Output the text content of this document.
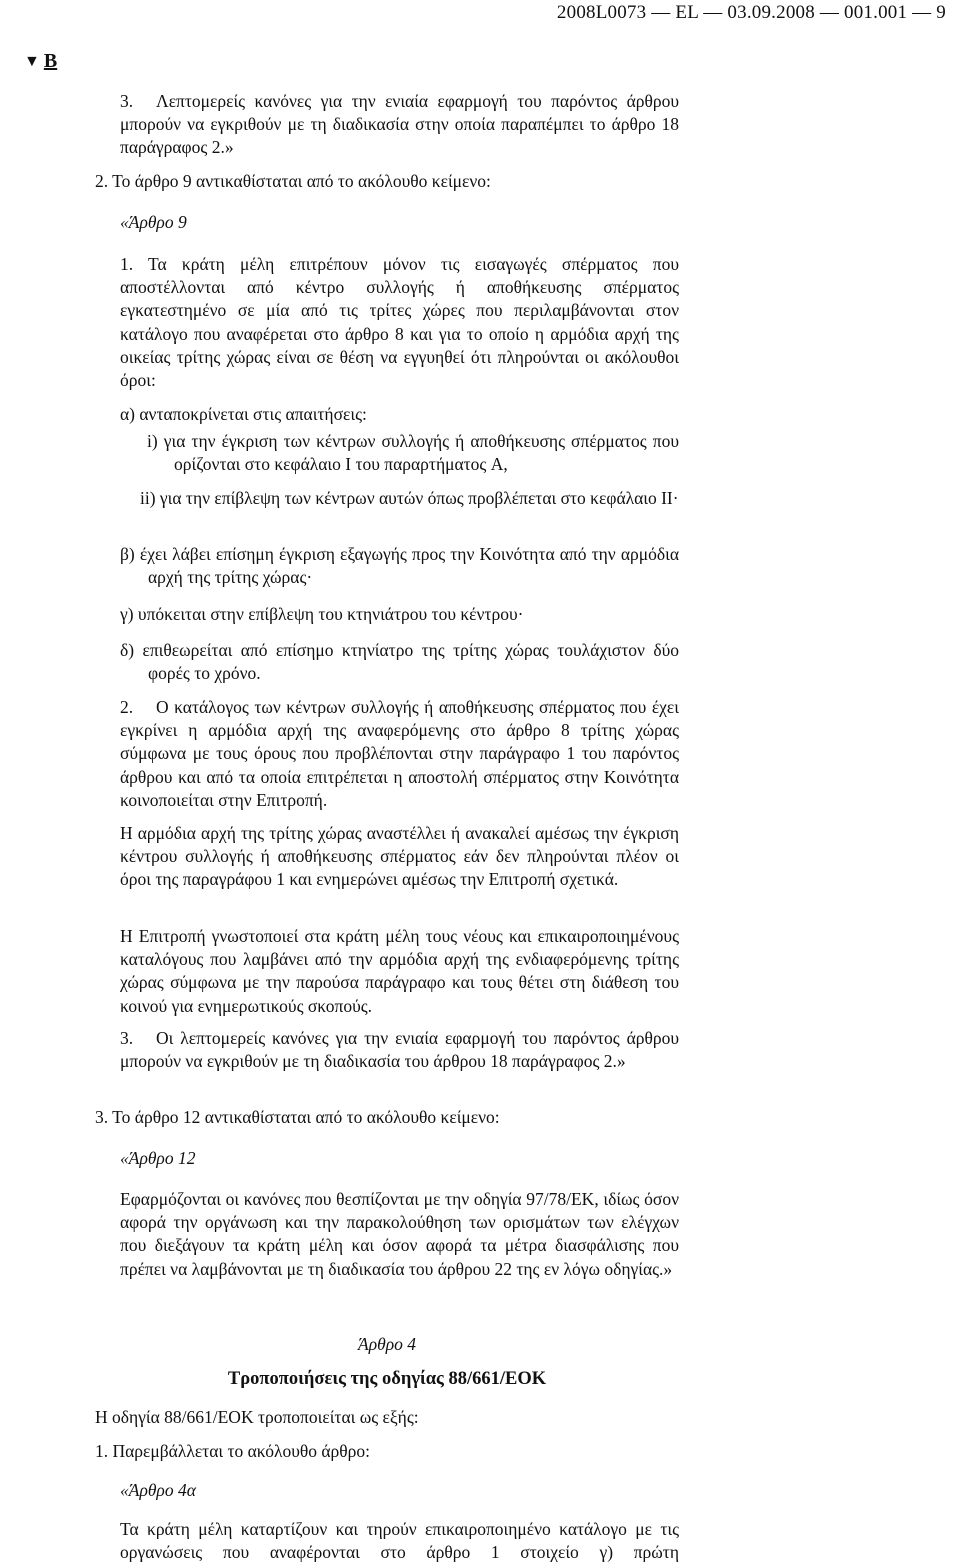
2008L0073 — EL — 03.09.2008 — 001.001 — 9
▼ B
3.	Λεπτομερείς κανόνες για την ενιαία εφαρμογή του παρόντος άρθρου μπορούν να εγκριθούν με τη διαδικασία στην οποία παραπέμπει το άρθρο 18 παράγραφος 2.»

2. Το άρθρο 9 αντικαθίσταται από το ακόλουθο κείμενο:

«Άρθρο 9

1. Τα κράτη μέλη επιτρέπουν μόνον τις εισαγωγές σπέρματος που αποστέλλονται από κέντρο συλλογής ή αποθήκευσης σπέρματος εγκατεστημένο σε μία από τις τρίτες χώρες που περιλαμβάνονται στον κατάλογο που αναφέρεται στο άρθρο 8 και για το οποίο η αρμόδια αρχή της οικείας τρίτης χώρας είναι σε θέση να εγγυηθεί ότι πληρούνται οι ακόλουθοι όροι:

α) ανταποκρίνεται στις απαιτήσεις:

i) για την έγκριση των κέντρων συλλογής ή αποθήκευσης σπέρματος που ορίζονται στο κεφάλαιο I του παραρτήματος A,

ii) για την επίβλεψη των κέντρων αυτών όπως προβλέπεται στο κεφάλαιο II·

β) έχει λάβει επίσημη έγκριση εξαγωγής προς την Κοινότητα από την αρμόδια αρχή της τρίτης χώρας·

γ) υπόκειται στην επίβλεψη του κτηνιάτρου του κέντρου·

δ) επιθεωρείται από επίσημο κτηνίατρο της τρίτης χώρας τουλάχιστον δύο φορές το χρόνο.

2.	Ο κατάλογος των κέντρων συλλογής ή αποθήκευσης σπέρματος που έχει εγκρίνει η αρμόδια αρχή της αναφερόμενης στο άρθρο 8 τρίτης χώρας σύμφωνα με τους όρους που προβλέπονται στην παράγραφο 1 του παρόντος άρθρου και από τα οποία επιτρέπεται η αποστολή σπέρματος στην Κοινότητα κοινοποιείται στην Επιτροπή.

Η αρμόδια αρχή της τρίτης χώρας αναστέλλει ή ανακαλεί αμέσως την έγκριση κέντρου συλλογής ή αποθήκευσης σπέρματος εάν δεν πληρούνται πλέον οι όροι της παραγράφου 1 και ενημερώνει αμέσως την Επιτροπή σχετικά.

Η Επιτροπή γνωστοποιεί στα κράτη μέλη τους νέους και επικαιροποιημένους καταλόγους που λαμβάνει από την αρμόδια αρχή της ενδιαφερόμενης τρίτης χώρας σύμφωνα με την παρούσα παράγραφο και τους θέτει στη διάθεση του κοινού για ενημερωτικούς σκοπούς.

3.	Οι λεπτομερείς κανόνες για την ενιαία εφαρμογή του παρόντος άρθρου μπορούν να εγκριθούν με τη διαδικασία του άρθρου 18 παράγραφος 2.»

3. Το άρθρο 12 αντικαθίσταται από το ακόλουθο κείμενο:

«Άρθρο 12

Εφαρμόζονται οι κανόνες που θεσπίζονται με την οδηγία 97/78/ΕΚ, ιδίως όσον αφορά την οργάνωση και την παρακολούθηση των ορισμάτων των ελέγχων που διεξάγουν τα κράτη μέλη και όσον αφορά τα μέτρα διασφάλισης που πρέπει να λαμβάνονται με τη διαδικασία του άρθρου 22 της εν λόγω οδηγίας.»

Άρθρο 4

Τροποποιήσεις της οδηγίας 88/661/ΕΟΚ

Η οδηγία 88/661/ΕΟΚ τροποποιείται ως εξής:

1. Παρεμβάλλεται το ακόλουθο άρθρο:

«Άρθρο 4α

Τα κράτη μέλη καταρτίζουν και τηρούν επικαιροποιημένο κατάλογο με τις οργανώσεις που αναφέρονται στο άρθρο 1 στοιχείο γ) πρώτη
